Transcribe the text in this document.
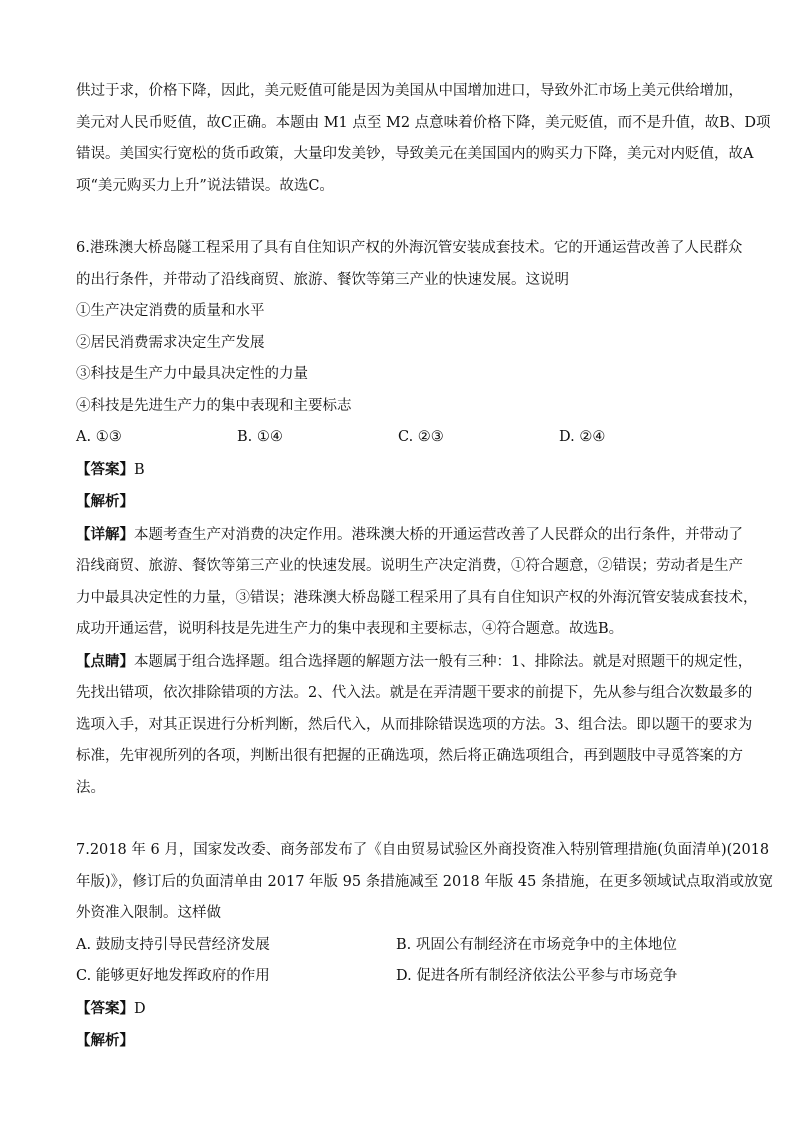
供过于求，价格下降，因此，美元贬值可能是因为美国从中国增加进口，导致外汇市场上美元供给增加，
美元对人民币贬值，故C正确。本题由 M1 点至 M2 点意味着价格下降，美元贬值，而不是升值，故B、D项
错误。美国实行宽松的货币政策，大量印发美钞，导致美元在美国国内的购买力下降，美元对内贬值，故A
项“美元购买力上升”说法错误。故选C。
6.港珠澳大桥岛隧工程采用了具有自住知识产权的外海沉管安装成套技术。它的开通运营改善了人民群众
的出行条件，并带动了沿线商贸、旅游、餐饮等第三产业的快速发展。这说明
①生产决定消费的质量和水平
②居民消费需求决定生产发展
③科技是生产力中最具决定性的力量
④科技是先进生产力的集中表现和主要标志
A. ①③	B. ①④	C. ②③	D. ②④
【答案】B
【解析】
【详解】本题考查生产对消费的决定作用。港珠澳大桥的开通运营改善了人民群众的出行条件，并带动了
沿线商贸、旅游、餐饮等第三产业的快速发展。说明生产决定消费，①符合题意，②错误；劳动者是生产
力中最具决定性的力量，③错误；港珠澳大桥岛隧工程采用了具有自住知识产权的外海沉管安装成套技术，
成功开通运营，说明科技是先进生产力的集中表现和主要标志，④符合题意。故选B。
【点睛】本题属于组合选择题。组合选择题的解题方法一般有三种：1、排除法。就是对照题干的规定性，
先找出错项，依次排除错项的方法。2、代入法。就是在弄清题干要求的前提下，先从参与组合次数最多的
选项入手，对其正误进行分析判断，然后代入，从而排除错误选项的方法。3、组合法。即以题干的要求为
标准，先审视所列的各项，判断出很有把握的正确选项，然后将正确选项组合，再到题肢中寻觅答案的方
法。
7.2018 年 6 月，国家发改委、商务部发布了《自由贸易试验区外商投资准入特别管理措施(负面清单)(2018
年版)》，修订后的负面清单由 2017 年版 95 条措施减至 2018 年版 45 条措施，在更多领域试点取消或放宽
外资准入限制。这样做
A. 鼓励支持引导民营经济发展	B. 巩固公有制经济在市场竞争中的主体地位
C. 能够更好地发挥政府的作用	D. 促进各所有制经济依法公平参与市场竞争
【答案】D
【解析】
